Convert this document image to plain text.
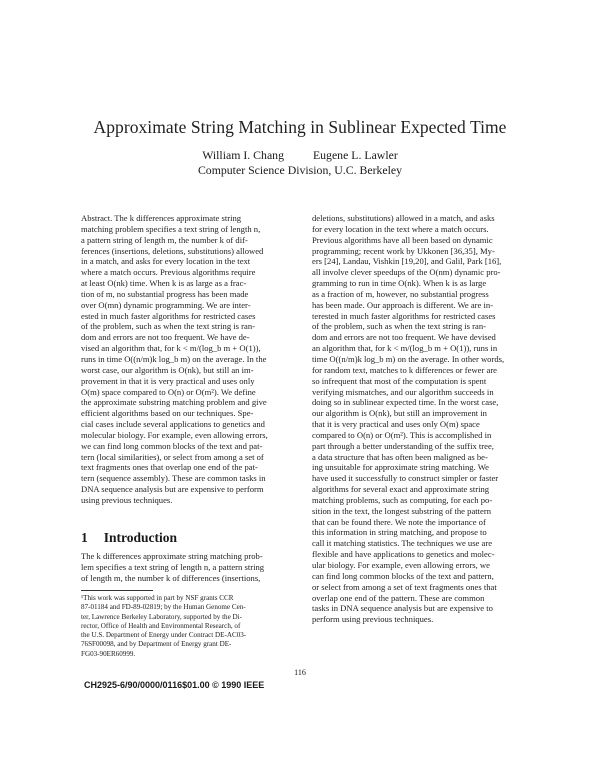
Approximate String Matching in Sublinear Expected Time
William I. Chang Eugene L. Lawler
Computer Science Division, U.C. Berkeley

Abstract. The k differences approximate string

matching problem specifies a text string of length n,

a pattern string of length m, the number k of dif-

ferences (insertions, deletions, substitutions) allowed

in a match, and asks for every location in the text

where a match occurs. Previous algorithms require

at least O(nk) time. When k is as large as a frac-

tion of m, no substantial progress has been made

over O(mn) dynamic programming. We are inter-

ested in much faster algorithms for restricted cases

of the problem, such as when the text string is ran-

dom and errors are not too frequent. We have de-

vised an algorithm that, for k < m/(log_b m + O(1)),

runs in time O((n/m)k log_b m) on the average. In the

worst case, our algorithm is O(nk), but still an im-

provement in that it is very practical and uses only

O(m) space compared to O(n) or O(m²). We define

the approximate substring matching problem and give

efficient algorithms based on our techniques. Spe-

cial cases include several applications to genetics and

molecular biology. For example, even allowing errors,

we can find long common blocks of the text and pat-

tern (local similarities), or select from among a set of

text fragments ones that overlap one end of the pat-

tern (sequence assembly). These are common tasks in

DNA sequence analysis but are expensive to perform

using previous techniques.

1 Introduction

The k differences approximate string matching prob-

lem specifies a text string of length n, a pattern string

of length m, the number k of differences (insertions,

¹This work was supported in part by NSF grants CCR

87-01184 and FD-89-02819; by the Human Genome Cen-

ter, Lawrence Berkeley Laboratory, supported by the Di-

rector, Office of Health and Environmental Research, of

the U.S. Department of Energy under Contract DE-AC03-

76SF00098, and by Department of Energy grant DE-

FG03-90ER60999.

deletions, substitutions) allowed in a match, and asks

for every location in the text where a match occurs.

Previous algorithms have all been based on dynamic

programming; recent work by Ukkonen [36,35], My-

ers [24], Landau, Vishkin [19,20], and Galil, Park [16],

all involve clever speedups of the O(nm) dynamic pro-

gramming to run in time O(nk). When k is as large

as a fraction of m, however, no substantial progress

has been made. Our approach is different. We are in-

terested in much faster algorithms for restricted cases

of the problem, such as when the text string is ran-

dom and errors are not too frequent. We have devised

an algorithm that, for k < m/(log_b m + O(1)), runs in

time O((n/m)k log_b m) on the average. In other words,

for random text, matches to k differences or fewer are

so infrequent that most of the computation is spent

verifying mismatches, and our algorithm succeeds in

doing so in sublinear expected time. In the worst case,

our algorithm is O(nk), but still an improvement in

that it is very practical and uses only O(m) space

compared to O(n) or O(m²). This is accomplished in

part through a better understanding of the suffix tree,

a data structure that has often been maligned as be-

ing unsuitable for approximate string matching. We

have used it successfully to construct simpler or faster

algorithms for several exact and approximate string

matching problems, such as computing, for each po-

sition in the text, the longest substring of the pattern

that can be found there. We note the importance of

this information in string matching, and propose to

call it matching statistics. The techniques we use are

flexible and have applications to genetics and molec-

ular biology. For example, even allowing errors, we

can find long common blocks of the text and pattern,

or select from among a set of text fragments ones that

overlap one end of the pattern. These are common

tasks in DNA sequence analysis but are expensive to

perform using previous techniques.

116
CH2925-6/90/0000/0116$01.00 © 1990 IEEE
